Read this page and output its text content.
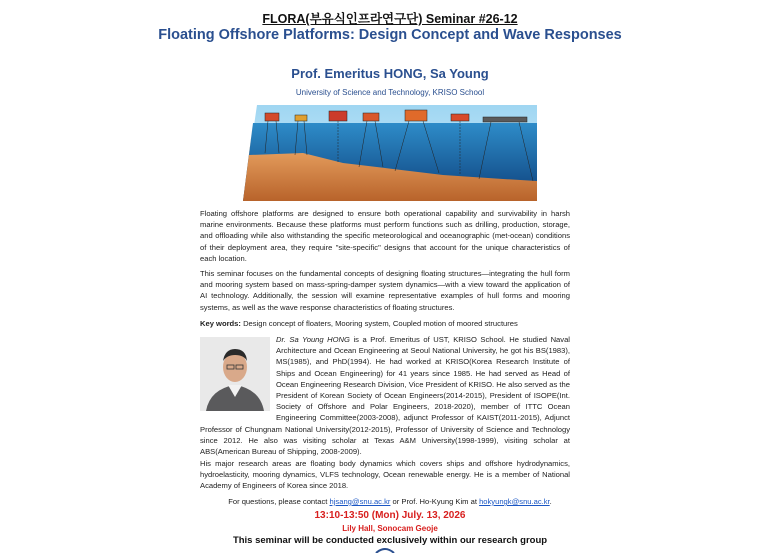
FLORA(부유식인프라연구단) Seminar #26-12
Floating Offshore Platforms: Design Concept and Wave Responses
Prof. Emeritus HONG, Sa Young
University of Science and Technology, KRISO School
Floating offshore platforms are designed to ensure both operational capability and survivability in harsh marine environments. Because these platforms must perform functions such as drilling, production, storage, and offloading while also withstanding the specific meteorological and oceanographic (met-ocean) conditions of their deployment area, they require "site-specific" designs that account for the unique characteristics of each location.
This seminar focuses on the fundamental concepts of designing floating structures—integrating the hull form and mooring system based on mass-spring-damper system dynamics—with a view toward the application of AI technology. Additionally, the session will examine representative examples of hull forms and mooring systems, as well as the wave response characteristics of floating structures.
Key words: Design concept of floaters, Mooring system, Coupled motion of moored structures
Dr. Sa Young HONG is a Prof. Emeritus of UST, KRISO School. He studied Naval Architecture and Ocean Engineering at Seoul National University, he got his BS(1983), MS(1985), and PhD(1994). He had worked at KRISO(Korea Research Institute of Ships and Ocean Engineering) for 41 years since 1985. He had served as Head of Ocean Engineering Research Division, Vice President of KRISO. He also served as the President of Korean Society of Ocean Engineers(2014-2015), President of ISOPE(Int. Society of Offshore and Polar Engineers, 2018-2020), member of ITTC Ocean Engineering Committee(2003-2008), adjunct Professor of KAIST(2011-2015), Adjunct Professor of Chungnam National University(2012-2015), Professor of University of Science and Technology since 2012. He also was visiting scholar at Texas A&M University(1998-1999), visiting scholar at ABS(American Bureau of Shipping, 2008-2009).
His major research areas are floating body dynamics which covers ships and offshore hydrodynamics, hydroelasticity, mooring dynamics, VLFS technology, Ocean renewable energy. He is a member of National Academy of Engineers of Korea since 2018.
For questions, please contact hjsang@snu.ac.kr or Prof. Ho-Kyung Kim at hokyungk@snu.ac.kr.
13:10-13:50 (Mon) July. 13, 2026
Lily Hall, Sonocam Geoje
This seminar will be conducted exclusively within our research group
